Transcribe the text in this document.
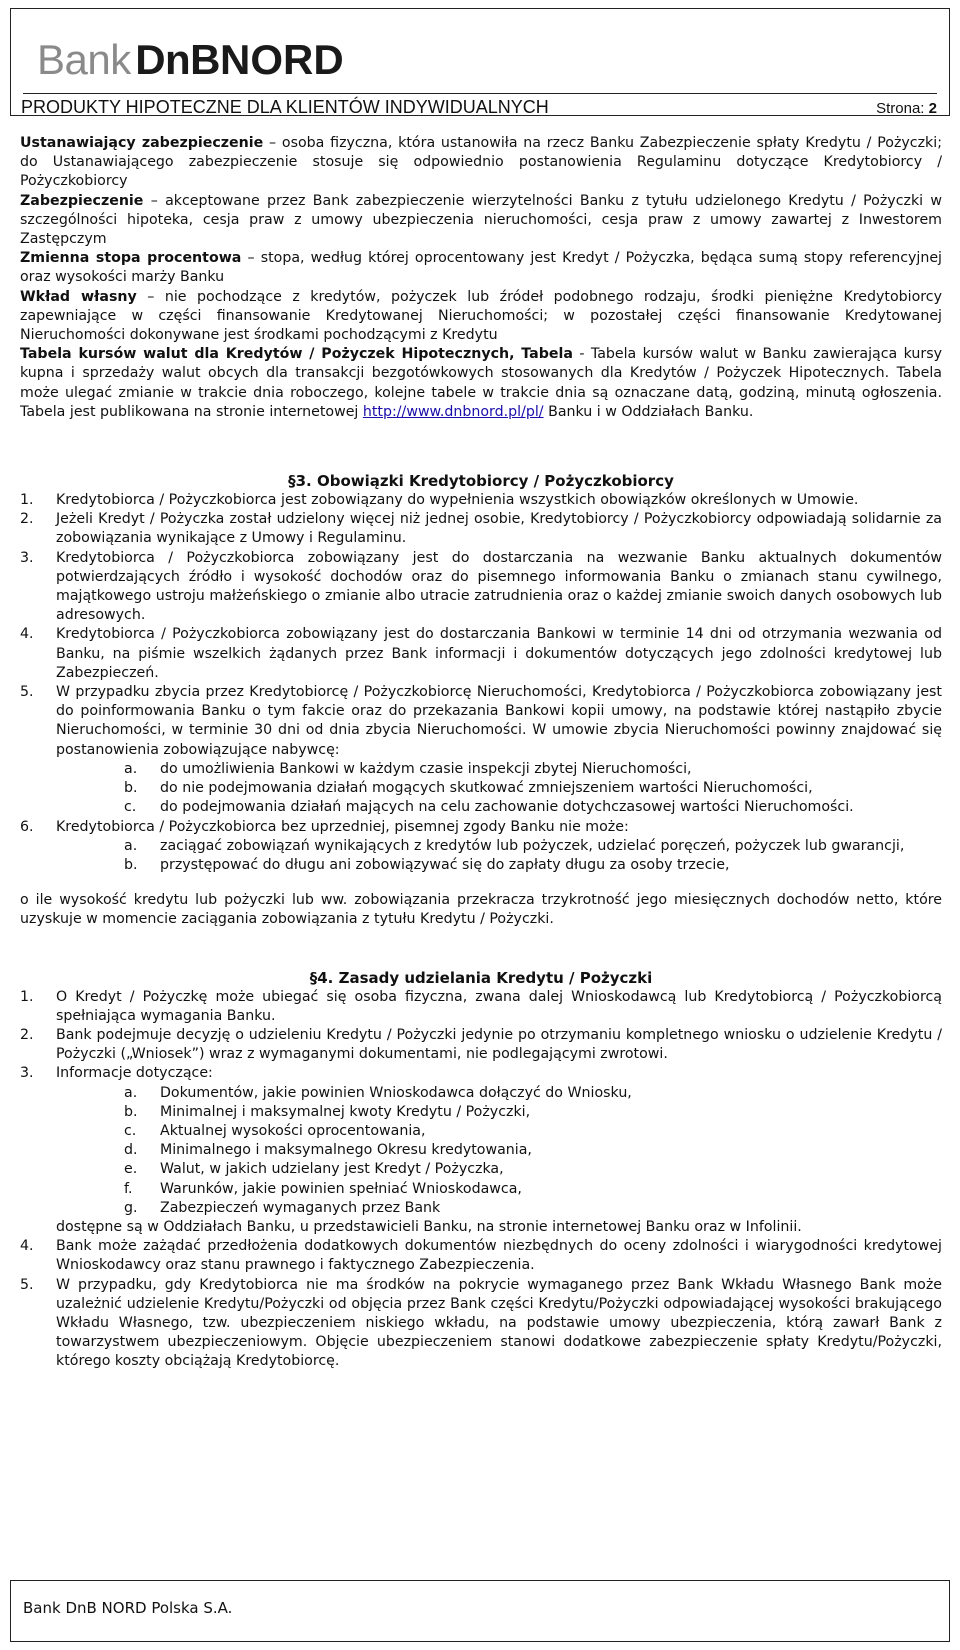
Bank DnBNORD
PRODUKTY HIPOTECZNE DLA KLIENTÓW INDYWIDUALNYCH	Strona: 2

Ustanawiający zabezpieczenie – osoba fizyczna, która ustanowiła na rzecz Banku Zabezpieczenie spłaty Kredytu / Pożyczki; do Ustanawiającego zabezpieczenie stosuje się odpowiednio postanowienia Regulaminu dotyczące Kredytobiorcy / Pożyczkobiorcy

Zabezpieczenie – akceptowane przez Bank zabezpieczenie wierzytelności Banku z tytułu udzielonego Kredytu / Pożyczki w szczególności hipoteka, cesja praw z umowy ubezpieczenia nieruchomości, cesja praw z umowy zawartej z Inwestorem Zastępczym

Zmienna stopa procentowa – stopa, według której oprocentowany jest Kredyt / Pożyczka, będąca sumą stopy referencyjnej oraz wysokości marży Banku

Wkład własny – nie pochodzące z kredytów, pożyczek lub źródeł podobnego rodzaju, środki pieniężne Kredytobiorcy zapewniające w części finansowanie Kredytowanej Nieruchomości; w pozostałej części finansowanie Kredytowanej Nieruchomości dokonywane jest środkami pochodzącymi z Kredytu

Tabela kursów walut dla Kredytów / Pożyczek Hipotecznych, Tabela - Tabela kursów walut w Banku zawierająca kursy kupna i sprzedaży walut obcych dla transakcji bezgotówkowych stosowanych dla Kredytów / Pożyczek Hipotecznych. Tabela może ulegać zmianie w trakcie dnia roboczego, kolejne tabele w trakcie dnia są oznaczane datą, godziną, minutą ogłoszenia. Tabela jest publikowana na stronie internetowej http://www.dnbnord.pl/pl/ Banku i w Oddziałach Banku.

§3. Obowiązki Kredytobiorcy / Pożyczkobiorcy
1. Kredytobiorca / Pożyczkobiorca jest zobowiązany do wypełnienia wszystkich obowiązków określonych w Umowie.
2. Jeżeli Kredyt / Pożyczka został udzielony więcej niż jednej osobie, Kredytobiorcy / Pożyczkobiorcy odpowiadają solidarnie za zobowiązania wynikające z Umowy i Regulaminu.
3. Kredytobiorca / Pożyczkobiorca zobowiązany jest do dostarczania na wezwanie Banku aktualnych dokumentów potwierdzających źródło i wysokość dochodów oraz do pisemnego informowania Banku o zmianach stanu cywilnego, majątkowego ustroju małżeńskiego o zmianie albo utracie zatrudnienia oraz o każdej zmianie swoich danych osobowych lub adresowych.
4. Kredytobiorca / Pożyczkobiorca zobowiązany jest do dostarczania Bankowi w terminie 14 dni od otrzymania wezwania od Banku, na piśmie wszelkich żądanych przez Bank informacji i dokumentów dotyczących jego zdolności kredytowej lub Zabezpieczeń.
5. W przypadku zbycia przez Kredytobiorcę / Pożyczkobiorcę Nieruchomości, Kredytobiorca / Pożyczkobiorca zobowiązany jest do poinformowania Banku o tym fakcie oraz do przekazania Bankowi kopii umowy, na podstawie której nastąpiło zbycie Nieruchomości, w terminie 30 dni od dnia zbycia Nieruchomości. W umowie zbycia Nieruchomości powinny znajdować się postanowienia zobowiązujące nabywcę:
a. do umożliwienia Bankowi w każdym czasie inspekcji zbytej Nieruchomości,
b. do nie podejmowania działań mogących skutkować zmniejszeniem wartości Nieruchomości,
c. do podejmowania działań mających na celu zachowanie dotychczasowej wartości Nieruchomości.
6. Kredytobiorca / Pożyczkobiorca bez uprzedniej, pisemnej zgody Banku nie może:
a. zaciągać zobowiązań wynikających z kredytów lub pożyczek, udzielać poręczeń, pożyczek lub gwarancji,
b. przystępować do długu ani zobowiązywać się do zapłaty długu za osoby trzecie,

o ile wysokość kredytu lub pożyczki lub ww. zobowiązania przekracza trzykrotność jego miesięcznych dochodów netto, które uzyskuje w momencie zaciągania zobowiązania z tytułu Kredytu / Pożyczki.

§4. Zasady udzielania Kredytu / Pożyczki
1. O Kredyt / Pożyczkę może ubiegać się osoba fizyczna, zwana dalej Wnioskodawcą lub Kredytobiorcą / Pożyczkobiorcą spełniająca wymagania Banku.
2. Bank podejmuje decyzję o udzieleniu Kredytu / Pożyczki jedynie po otrzymaniu kompletnego wniosku o udzielenie Kredytu / Pożyczki („Wniosek”) wraz z wymaganymi dokumentami, nie podlegającymi zwrotowi.
3. Informacje dotyczące:
a. Dokumentów, jakie powinien Wnioskodawca dołączyć do Wniosku,
b. Minimalnej i maksymalnej kwoty Kredytu / Pożyczki,
c. Aktualnej wysokości oprocentowania,
d. Minimalnego i maksymalnego Okresu kredytowania,
e. Walut, w jakich udzielany jest Kredyt / Pożyczka,
f. Warunków, jakie powinien spełniać Wnioskodawca,
g. Zabezpieczeń wymaganych przez Bank

dostępne są w Oddziałach Banku, u przedstawicieli Banku, na stronie internetowej Banku oraz w Infolinii.

4. Bank może zażądać przedłożenia dodatkowych dokumentów niezbędnych do oceny zdolności i wiarygodności kredytowej Wnioskodawcy oraz stanu prawnego i faktycznego Zabezpieczenia.
5. W przypadku, gdy Kredytobiorca nie ma środków na pokrycie wymaganego przez Bank Wkładu Własnego Bank może uzależnić udzielenie Kredytu/Pożyczki od objęcia przez Bank części Kredytu/Pożyczki odpowiadającej wysokości brakującego Wkładu Własnego, tzw. ubezpieczeniem niskiego wkładu, na podstawie umowy ubezpieczenia, którą zawarł Bank z towarzystwem ubezpieczeniowym. Objęcie ubezpieczeniem stanowi dodatkowe zabezpieczenie spłaty Kredytu/Pożyczki, którego koszty obciążają Kredytobiorcę.
Bank DnB NORD Polska S.A.
